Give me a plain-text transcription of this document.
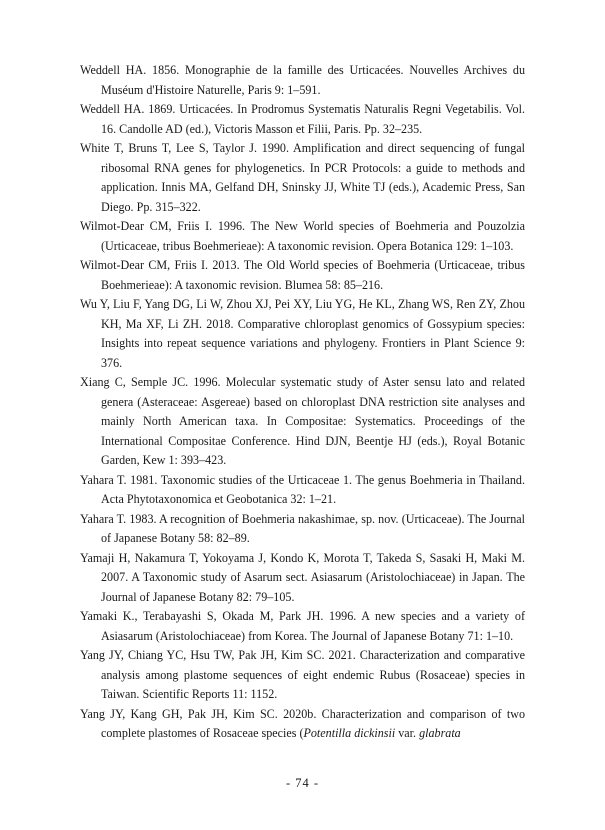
Weddell HA. 1856. Monographie de la famille des Urticacées. Nouvelles Archives du Muséum d'Histoire Naturelle, Paris 9: 1–591.
Weddell HA. 1869. Urticacées. In Prodromus Systematis Naturalis Regni Vegetabilis. Vol. 16. Candolle AD (ed.), Victoris Masson et Filii, Paris. Pp. 32–235.
White T, Bruns T, Lee S, Taylor J. 1990. Amplification and direct sequencing of fungal ribosomal RNA genes for phylogenetics. In PCR Protocols: a guide to methods and application. Innis MA, Gelfand DH, Sninsky JJ, White TJ (eds.), Academic Press, San Diego. Pp. 315–322.
Wilmot-Dear CM, Friis I. 1996. The New World species of Boehmeria and Pouzolzia (Urticaceae, tribus Boehmerieae): A taxonomic revision. Opera Botanica 129: 1–103.
Wilmot-Dear CM, Friis I. 2013. The Old World species of Boehmeria (Urticaceae, tribus Boehmerieae): A taxonomic revision. Blumea 58: 85–216.
Wu Y, Liu F, Yang DG, Li W, Zhou XJ, Pei XY, Liu YG, He KL, Zhang WS, Ren ZY, Zhou KH, Ma XF, Li ZH. 2018. Comparative chloroplast genomics of Gossypium species: Insights into repeat sequence variations and phylogeny. Frontiers in Plant Science 9: 376.
Xiang C, Semple JC. 1996. Molecular systematic study of Aster sensu lato and related genera (Asteraceae: Asgereae) based on chloroplast DNA restriction site analyses and mainly North American taxa. In Compositae: Systematics. Proceedings of the International Compositae Conference. Hind DJN, Beentje HJ (eds.), Royal Botanic Garden, Kew 1: 393–423.
Yahara T. 1981. Taxonomic studies of the Urticaceae 1. The genus Boehmeria in Thailand. Acta Phytotaxonomica et Geobotanica 32: 1–21.
Yahara T. 1983. A recognition of Boehmeria nakashimae, sp. nov. (Urticaceae). The Journal of Japanese Botany 58: 82–89.
Yamaji H, Nakamura T, Yokoyama J, Kondo K, Morota T, Takeda S, Sasaki H, Maki M. 2007. A Taxonomic study of Asarum sect. Asiasarum (Aristolochiaceae) in Japan. The Journal of Japanese Botany 82: 79–105.
Yamaki K., Terabayashi S, Okada M, Park JH. 1996. A new species and a variety of Asiasarum (Aristolochiaceae) from Korea. The Journal of Japanese Botany 71: 1–10.
Yang JY, Chiang YC, Hsu TW, Pak JH, Kim SC. 2021. Characterization and comparative analysis among plastome sequences of eight endemic Rubus (Rosaceae) species in Taiwan. Scientific Reports 11: 1152.
Yang JY, Kang GH, Pak JH, Kim SC. 2020b. Characterization and comparison of two complete plastomes of Rosaceae species (Potentilla dickinsii var. glabrata
- 74 -
